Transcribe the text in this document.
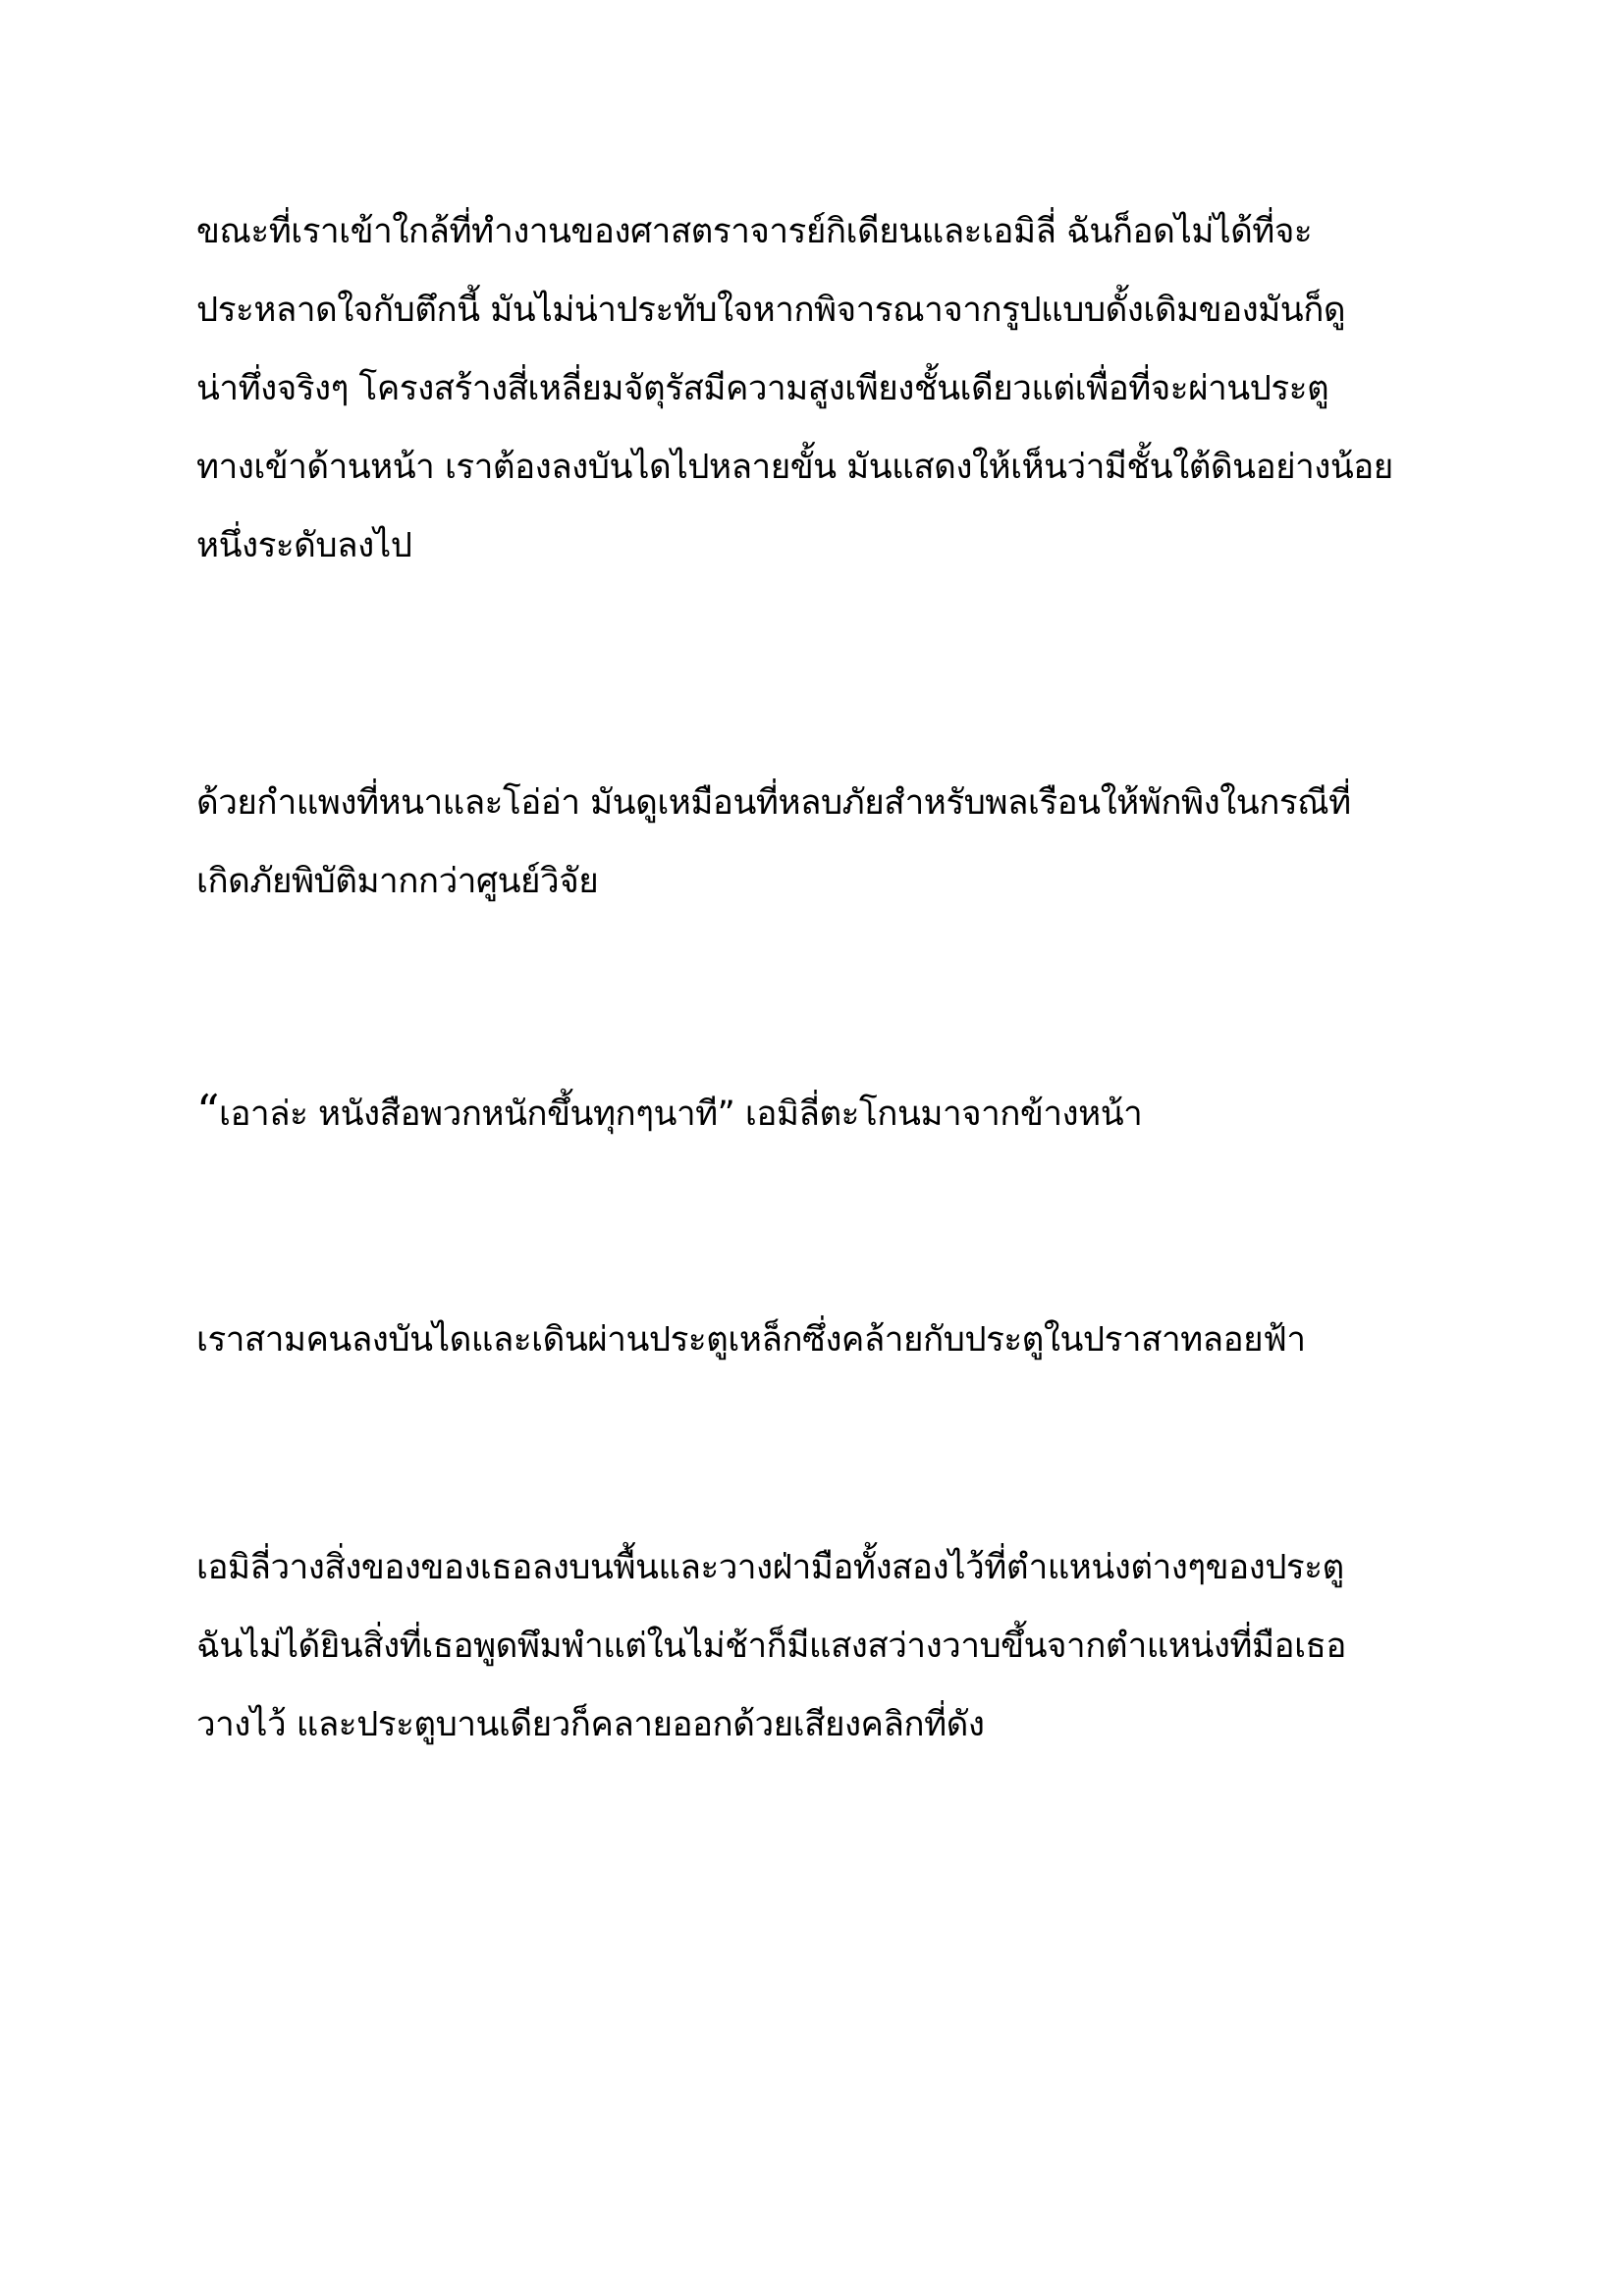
ขณะที่เราเข้าใกล้ที่ทำงานของศาสตราจารย์กิเดียนและเอมิลี่ ฉันก็อดไม่ได้ที่จะ
ประหลาดใจกับตึกนี้ มันไม่น่าประทับใจหากพิจารณาจากรูปแบบดั้งเดิมของมันก็ดู
น่าทึ่งจริงๆ โครงสร้างสี่เหลี่ยมจัตุรัสมีความสูงเพียงชั้นเดียวแต่เพื่อที่จะผ่านประตู
ทางเข้าด้านหน้า เราต้องลงบันไดไปหลายขั้น มันแสดงให้เห็นว่ามีชั้นใต้ดินอย่างน้อย
หนึ่งระดับลงไป
ด้วยกำแพงที่หนาและโอ่อ่า มันดูเหมือนที่หลบภัยสำหรับพลเรือนให้พักพิงในกรณีที่
เกิดภัยพิบัติมากกว่าศูนย์วิจัย
“เอาล่ะ หนังสือพวกหนักขึ้นทุกๆนาที” เอมิลี่ตะโกนมาจากข้างหน้า
เราสามคนลงบันไดและเดินผ่านประตูเหล็กซึ่งคล้ายกับประตูในปราสาทลอยฟ้า
เอมิลี่วางสิ่งของของเธอลงบนพื้นและวางฝ่ามือทั้งสองไว้ที่ตำแหน่งต่างๆของประตู
ฉันไม่ได้ยินสิ่งที่เธอพูดพึมพำแต่ในไม่ช้าก็มีแสงสว่างวาบขึ้นจากตำแหน่งที่มือเธอ
วางไว้ และประตูบานเดียวก็คลายออกด้วยเสียงคลิกที่ดัง
